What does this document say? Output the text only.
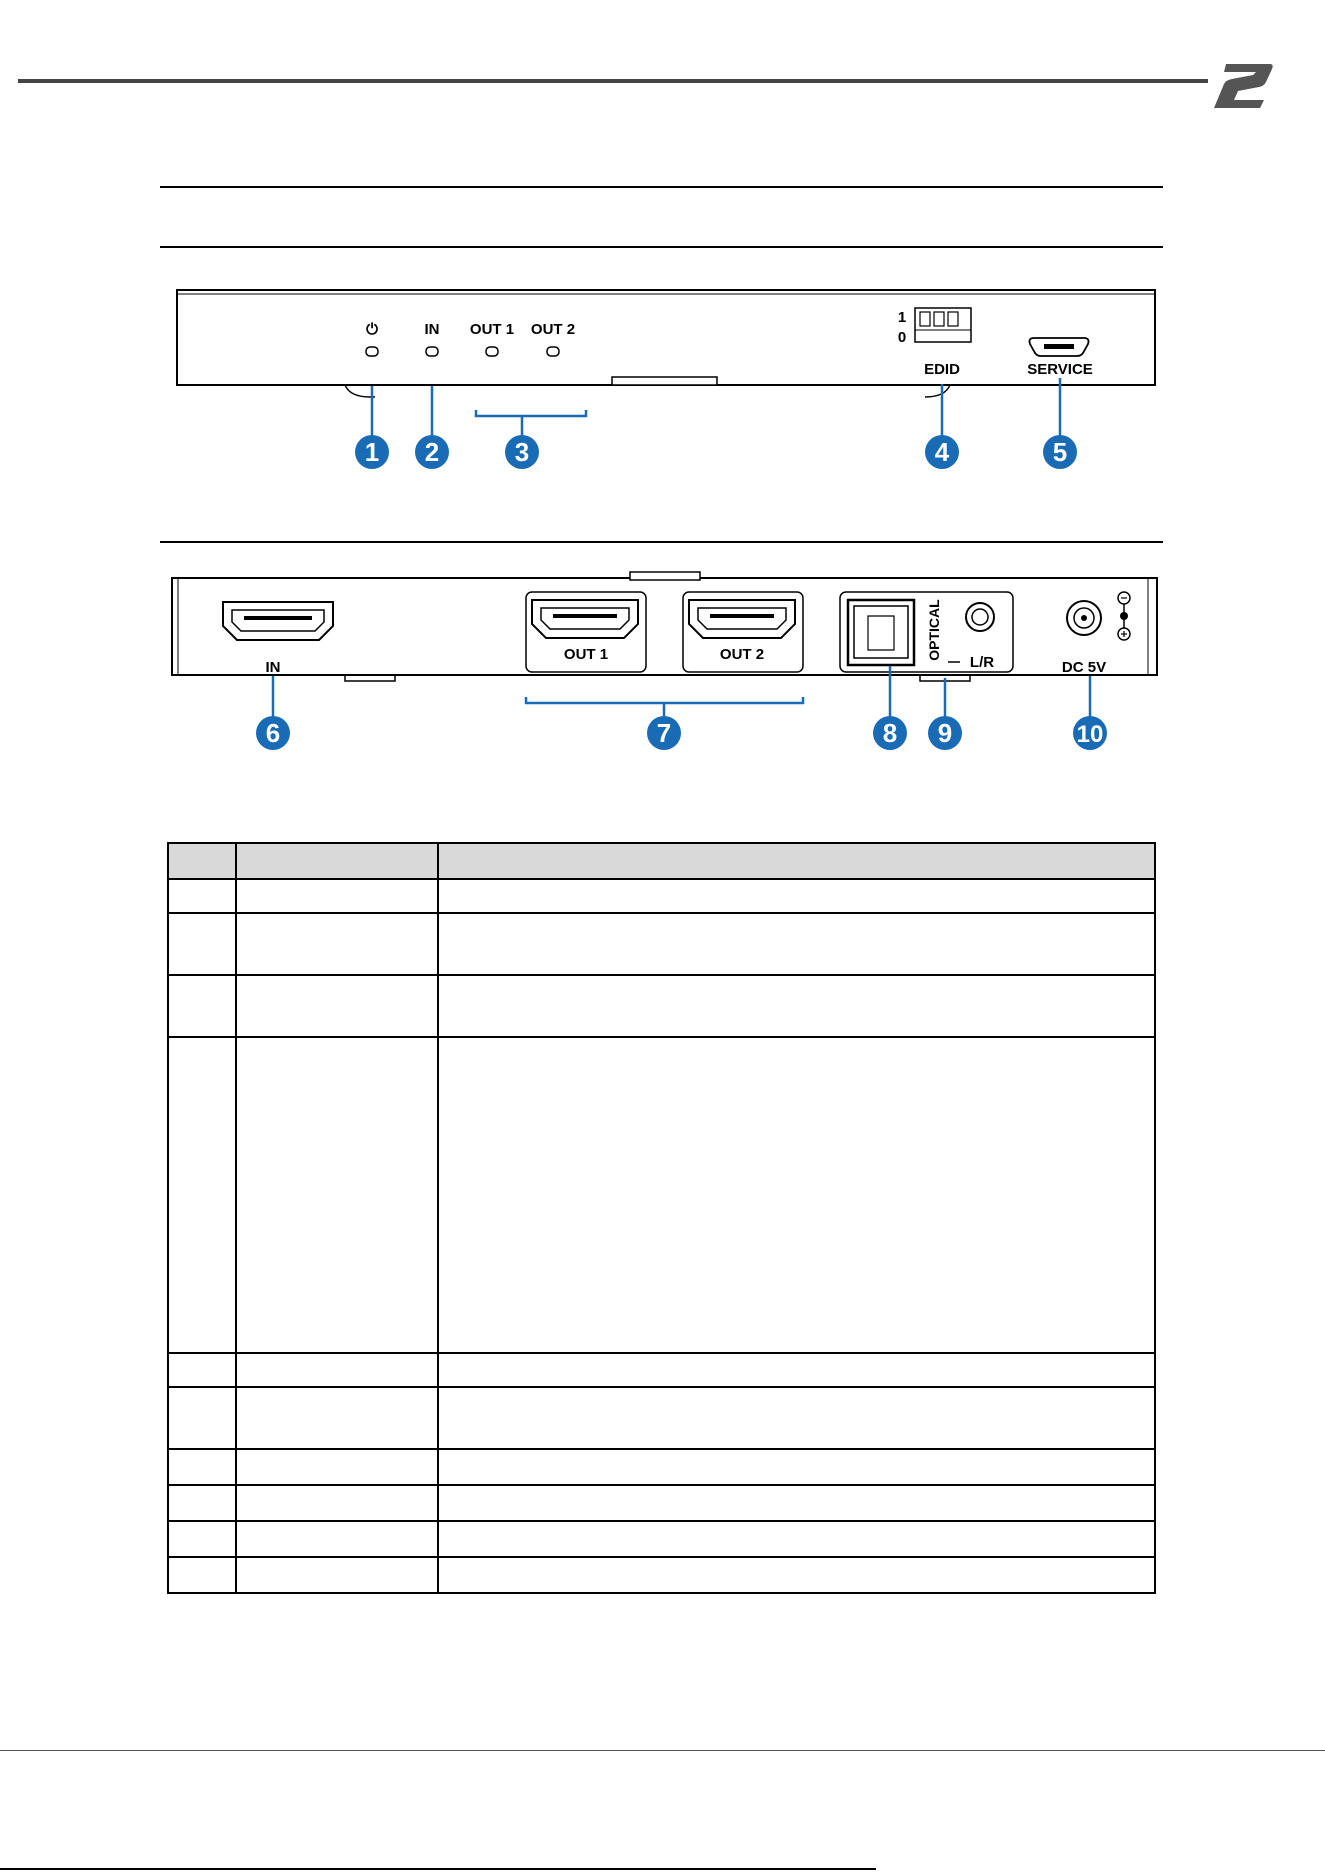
⏻	IN OUT 1 OUT 2
1
0
EDID	SERVICE
1 2	3	4	5
IN
OUT 1	OUT 2	OPTICAL
L/R	DC 5V
6	7	8 9	10
